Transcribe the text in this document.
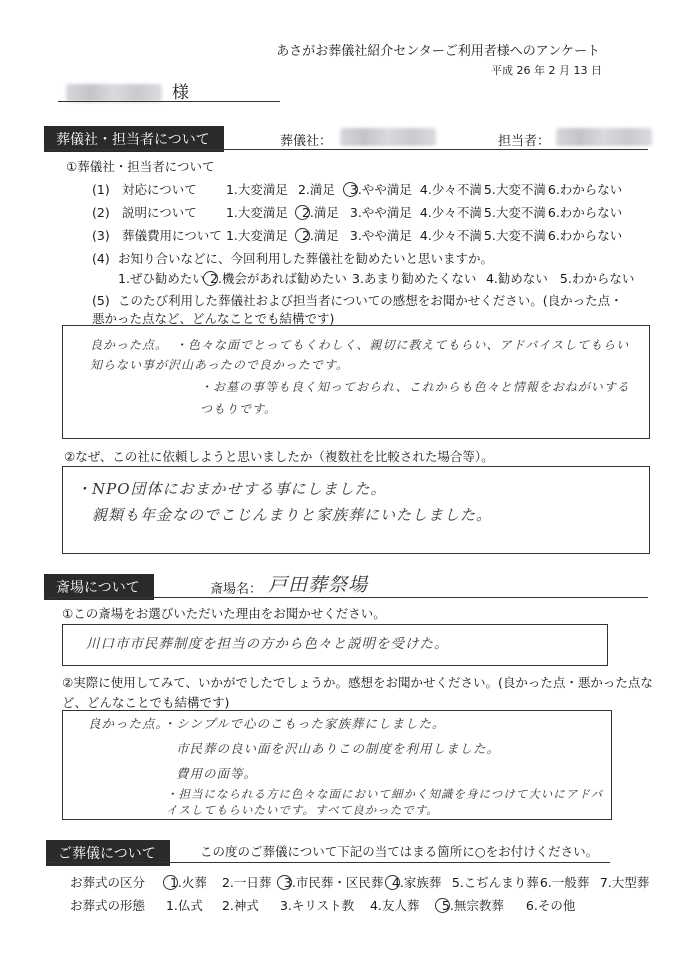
あさがお葬儀社紹介センターご利用者様へのアンケート
平成 26 年 2 月 13 日
様
葬儀社・担当者について	葬儀社：	担当者：
①葬儀社・担当者について
(1) 対応について 1.大変満足 2.満足 3.やや満足 4.少々不満 5.大変不満 6.わからない
(2) 説明について 1.大変満足 2.満足 3.やや満足 4.少々不満 5.大変不満 6.わからない
(3) 葬儀費用について 1.大変満足 2.満足 3.やや満足 4.少々不満 5.大変不満 6.わからない
(4) お知り合いなどに、今回利用した葬儀社を勧めたいと思いますか。
1.ぜひ勧めたい 2.機会があれば勧めたい 3.あまり勧めたくない 4.勧めない 5.わからない
(5) このたび利用した葬儀社および担当者についての感想をお聞かせください。(良かった点・
悪かった点など、どんなことでも結構です)
良かった点。　・色々な面でとってもくわしく、親切に教えてもらい、アドバイスしてもらい知らない事が沢山あったので良かったです。
・お墓の事等も良く知っておられ、これからも色々と情報をおねがいするつもりです。
②なぜ、この社に依頼しようと思いましたか（複数社を比較された場合等）。
・NPO団体におまかせする事にしました。
親類も年金なのでこじんまりと家族葬にいたしました。
斎場について	斎場名： 戸田葬祭場
①この斎場をお選びいただいた理由をお聞かせください。
川口市市民葬制度を担当の方から色々と説明を受けた。
②実際に使用してみて、いかがでしたでしょうか。感想をお聞かせください。(良かった点・悪かった点など、どんなことでも結構です)
良かった点。・シンプルで心のこもった家族葬にしました。
市民葬の良い面を沢山ありこの制度を利用しました。
費用の面等。
・担当になられる方に色々な面において細かく知識を身につけて大いにアドバイスしてもらいたいです。すべて良かったです。
ご葬儀について	この度のご葬儀について下記の当てはまる箇所に○をお付けください。
お葬式の区分 1.火葬 2.一日葬 3.市民葬・区民葬 4.家族葬 5.こぢんまり葬 6.一般葬 7.大型葬
お葬式の形態 1.仏式 2.神式 3.キリスト教 4.友人葬 5.無宗教葬 6.その他
